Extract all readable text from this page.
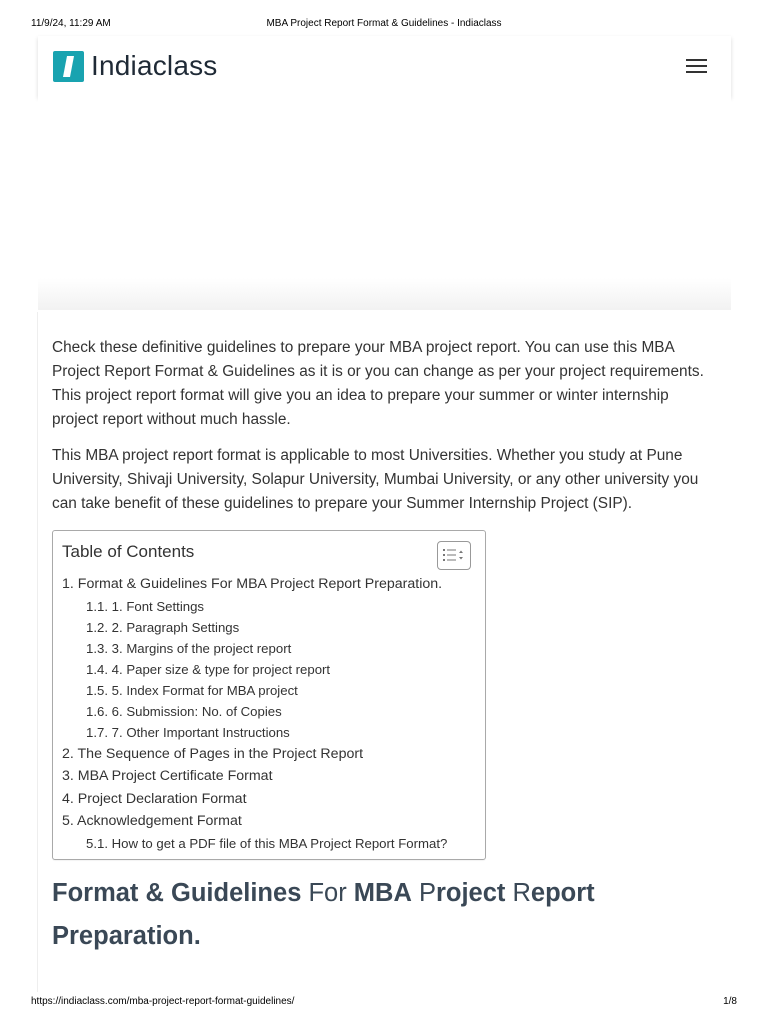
11/9/24, 11:29 AM	MBA Project Report Format & Guidelines - Indiaclass
Indiaclass

Check these definitive guidelines to prepare your MBA project report. You can use this MBA Project Report Format & Guidelines as it is or you can change as per your project requirements. This project report format will give you an idea to prepare your summer or winter internship project report without much hassle.

This MBA project report format is applicable to most Universities. Whether you study at Pune University, Shivaji University, Solapur University, Mumbai University, or any other university you can take benefit of these guidelines to prepare your Summer Internship Project (SIP).

Table of Contents
1. Format & Guidelines For MBA Project Report Preparation.
1.1. 1. Font Settings
1.2. 2. Paragraph Settings
1.3. 3. Margins of the project report
1.4. 4. Paper size & type for project report
1.5. 5. Index Format for MBA project
1.6. 6. Submission: No. of Copies
1.7. 7. Other Important Instructions
2. The Sequence of Pages in the Project Report
3. MBA Project Certificate Format
4. Project Declaration Format
5. Acknowledgement Format
5.1. How to get a PDF file of this MBA Project Report Format?
Format & Guidelines For MBA Project Report Preparation.
https://indiaclass.com/mba-project-report-format-guidelines/	1/8
